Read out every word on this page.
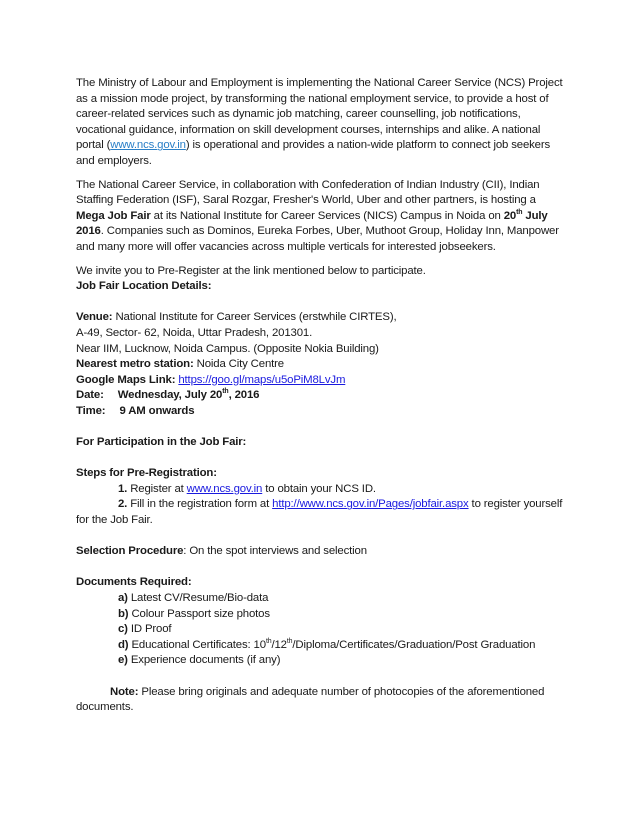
The Ministry of Labour and Employment is implementing the National Career Service (NCS) Project as a mission mode project, by transforming the national employment service, to provide a host of career-related services such as dynamic job matching, career counselling, job notifications, vocational guidance, information on skill development courses, internships and alike. A national portal (www.ncs.gov.in) is operational and provides a nation-wide platform to connect job seekers and employers.

The National Career Service, in collaboration with Confederation of Indian Industry (CII), Indian Staffing Federation (ISF), Saral Rozgar, Fresher's World, Uber and other partners, is hosting a Mega Job Fair at its National Institute for Career Services (NICS) Campus in Noida on 20th July 2016. Companies such as Dominos, Eureka Forbes, Uber, Muthoot Group, Holiday Inn, Manpower and many more will offer vacancies across multiple verticals for interested jobseekers.

We invite you to Pre-Register at the link mentioned below to participate.

Job Fair Location Details:

Venue: National Institute for Career Services (erstwhile CIRTES),

A-49, Sector- 62, Noida, Uttar Pradesh, 201301.

Near IIM, Lucknow, Noida Campus. (Opposite Nokia Building)

Nearest metro station: Noida City Centre

Google Maps Link: https://goo.gl/maps/u5oPiM8LvJm

Date: Wednesday, July 20th, 2016

Time: 9 AM onwards

For Participation in the Job Fair:

Steps for Pre-Registration:

1. Register at www.ncs.gov.in to obtain your NCS ID.

2. Fill in the registration form at http://www.ncs.gov.in/Pages/jobfair.aspx to register yourself for the Job Fair.

Selection Procedure: On the spot interviews and selection

Documents Required:

a) Latest CV/Resume/Bio-data

b) Colour Passport size photos

c) ID Proof

d) Educational Certificates: 10th/12th/Diploma/Certificates/Graduation/Post Graduation

e) Experience documents (if any)

Note: Please bring originals and adequate number of photocopies of the aforementioned documents.
